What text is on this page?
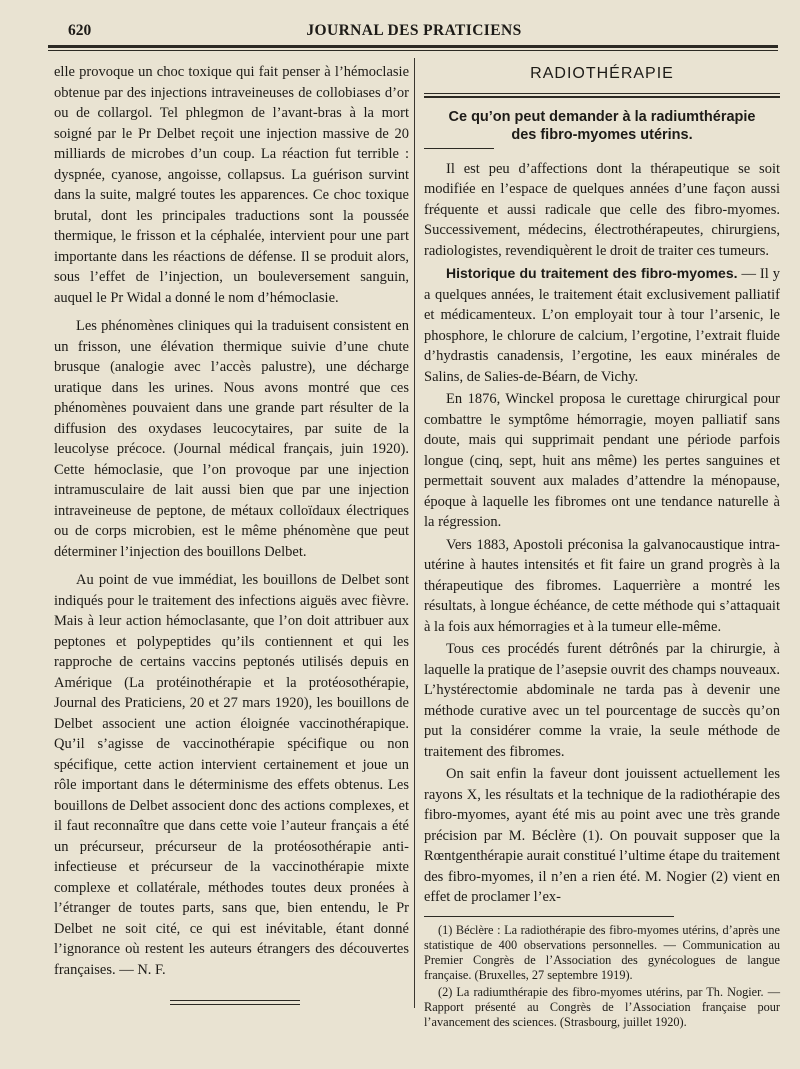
620	JOURNAL DES PRATICIENS

elle provoque un choc toxique qui fait penser à l’hémoclasie obtenue par des injections intraveineuses de collobiases d’or ou de collargol. Tel phlegmon de l’avant-bras à la mort soigné par le Pr Delbet reçoit une injection massive de 20 milliards de microbes d’un coup. La réaction fut terrible : dyspnée, cyanose, angoisse, collapsus. La guérison survint dans la suite, malgré toutes les apparences. Ce choc toxique brutal, dont les principales traductions sont la poussée thermique, le frisson et la céphalée, intervient pour une part importante dans les réactions de défense. Il se produit alors, sous l’effet de l’injection, un bouleversement sanguin, auquel le Pr Widal a donné le nom d’hémoclasie.

Les phénomènes cliniques qui la traduisent consistent en un frisson, une élévation thermique suivie d’une chute brusque (analogie avec l’accès palustre), une décharge uratique dans les urines. Nous avons montré que ces phénomènes pouvaient dans une grande part résulter de la diffusion des oxydases leucocytaires, par suite de la leucolyse précoce. (Journal médical français, juin 1920). Cette hémoclasie, que l’on provoque par une injection intramusculaire de lait aussi bien que par une injection intraveineuse de peptone, de métaux colloïdaux électriques ou de corps microbien, est le même phénomène que peut déterminer l’injection des bouillons Delbet.

Au point de vue immédiat, les bouillons de Delbet sont indiqués pour le traitement des infections aiguës avec fièvre. Mais à leur action hémoclasante, que l’on doit attribuer aux peptones et polypeptides qu’ils contiennent et qui les rapproche de certains vaccins peptonés utilisés depuis en Amérique (La protéinothérapie et la protéosothérapie, Journal des Praticiens, 20 et 27 mars 1920), les bouillons de Delbet associent une action éloignée vaccinothérapique. Qu’il s’agisse de vaccinothérapie spécifique ou non spécifique, cette action intervient certainement et joue un rôle important dans le déterminisme des effets obtenus. Les bouillons de Delbet associent donc des actions complexes, et il faut reconnaître que dans cette voie l’auteur français a été un précurseur, précurseur de la protéosothérapie anti-infectieuse et précurseur de la vaccinothérapie mixte complexe et collatérale, méthodes toutes deux pronées à l’étranger de toutes parts, sans que, bien entendu, le Pr Delbet ne soit cité, ce qui est inévitable, étant donné l’ignorance où restent les auteurs étrangers des découvertes françaises. — N. F.

RADIOTHÉRAPIE
Ce qu’on peut demander à la radiumthérapie
des fibro-myomes utérins.

Il est peu d’affections dont la thérapeutique se soit modifiée en l’espace de quelques années d’une façon aussi fréquente et aussi radicale que celle des fibro-myomes. Successivement, médecins, électrothérapeutes, chirurgiens, radiologistes, revendiquèrent le droit de traiter ces tumeurs.

Historique du traitement des fibro-myomes. — Il y a quelques années, le traitement était exclusivement palliatif et médicamenteux. L’on employait tour à tour l’arsenic, le phosphore, le chlorure de calcium, l’ergotine, l’extrait fluide d’hydrastis canadensis, l’ergotine, les eaux minérales de Salins, de Salies-de-Béarn, de Vichy.

En 1876, Winckel proposa le curettage chirurgical pour combattre le symptôme hémorragie, moyen palliatif sans doute, mais qui supprimait pendant une période parfois longue (cinq, sept, huit ans même) les pertes sanguines et permettait souvent aux malades d’attendre la ménopause, époque à laquelle les fibromes ont une tendance naturelle à la régression.

Vers 1883, Apostoli préconisa la galvanocaustique intra-utérine à hautes intensités et fit faire un grand progrès à la thérapeutique des fibromes. Laquerrière a montré les résultats, à longue échéance, de cette méthode qui s’attaquait à la fois aux hémorragies et à la tumeur elle-même.

Tous ces procédés furent détrônés par la chirurgie, à laquelle la pratique de l’asepsie ouvrit des champs nouveaux. L’hystérectomie abdominale ne tarda pas à devenir une méthode curative avec un tel pourcentage de succès qu’on put la considérer comme la vraie, la seule méthode de traitement des fibromes.

On sait enfin la faveur dont jouissent actuellement les rayons X, les résultats et la technique de la radiothérapie des fibro-myomes, ayant été mis au point avec une très grande précision par M. Béclère (1). On pouvait supposer que la Rœntgenthérapie aurait constitué l’ultime étape du traitement des fibro-myomes, il n’en a rien été. M. Nogier (2) vient en effet de proclamer l’ex-

(1) Béclère : La radiothérapie des fibro-myomes utérins, d’après une statistique de 400 observations personnelles. — Communication au Premier Congrès de l’Association des gynécologues de langue française. (Bruxelles, 27 septembre 1919).

(2) La radiumthérapie des fibro-myomes utérins, par Th. Nogier. — Rapport présenté au Congrès de l’Association française pour l’avancement des sciences. (Strasbourg, juillet 1920).
